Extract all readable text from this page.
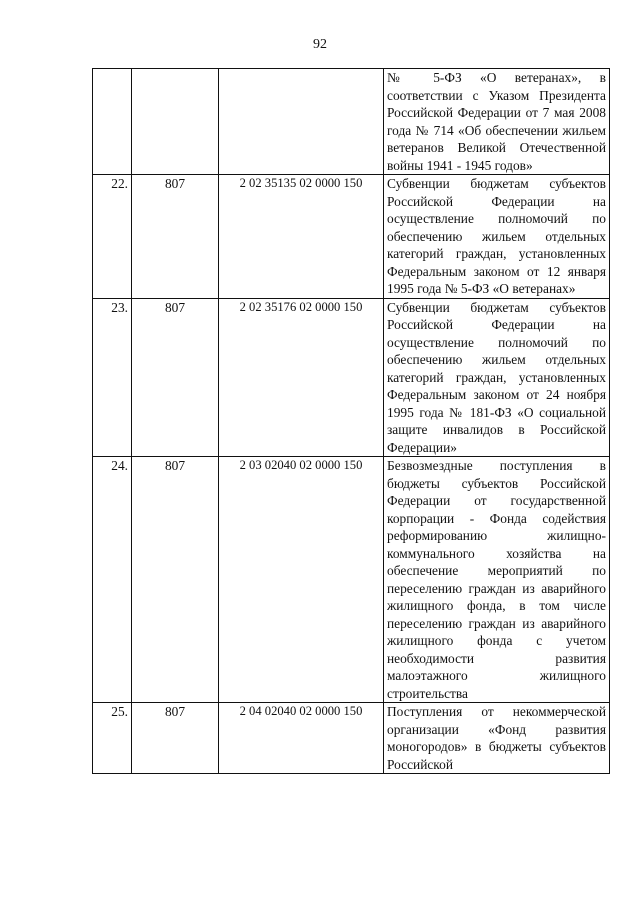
92
			№ 5-ФЗ «О ветеранах», в соответствии с Указом Президента Российской Федерации от 7 мая 2008 года № 714 «Об обеспечении жильем ветеранов Великой Отечественной войны 1941 - 1945 годов»
22.	807	2 02 35135 02 0000 150	Субвенции бюджетам субъектов Российской Федерации на осуществление полномочий по обеспечению жильем отдельных категорий граждан, установленных Федеральным законом от 12 января 1995 года № 5-ФЗ «О ветеранах»
23.	807	2 02 35176 02 0000 150	Субвенции бюджетам субъектов Российской Федерации на осуществление полномочий по обеспечению жильем отдельных категорий граждан, установленных Федеральным законом от 24 ноября 1995 года № 181-ФЗ «О социальной защите инвалидов в Российской Федерации»
24.	807	2 03 02040 02 0000 150	Безвозмездные поступления в бюджеты субъектов Российской Федерации от государственной корпорации - Фонда содействия реформированию жилищно-коммунального хозяйства на обеспечение мероприятий по переселению граждан из аварийного жилищного фонда, в том числе переселению граждан из аварийного жилищного фонда с учетом необходимости развития малоэтажного жилищного строительства
25.	807	2 04 02040 02 0000 150	Поступления от некоммерческой организации «Фонд развития моногородов» в бюджеты субъектов Российской
